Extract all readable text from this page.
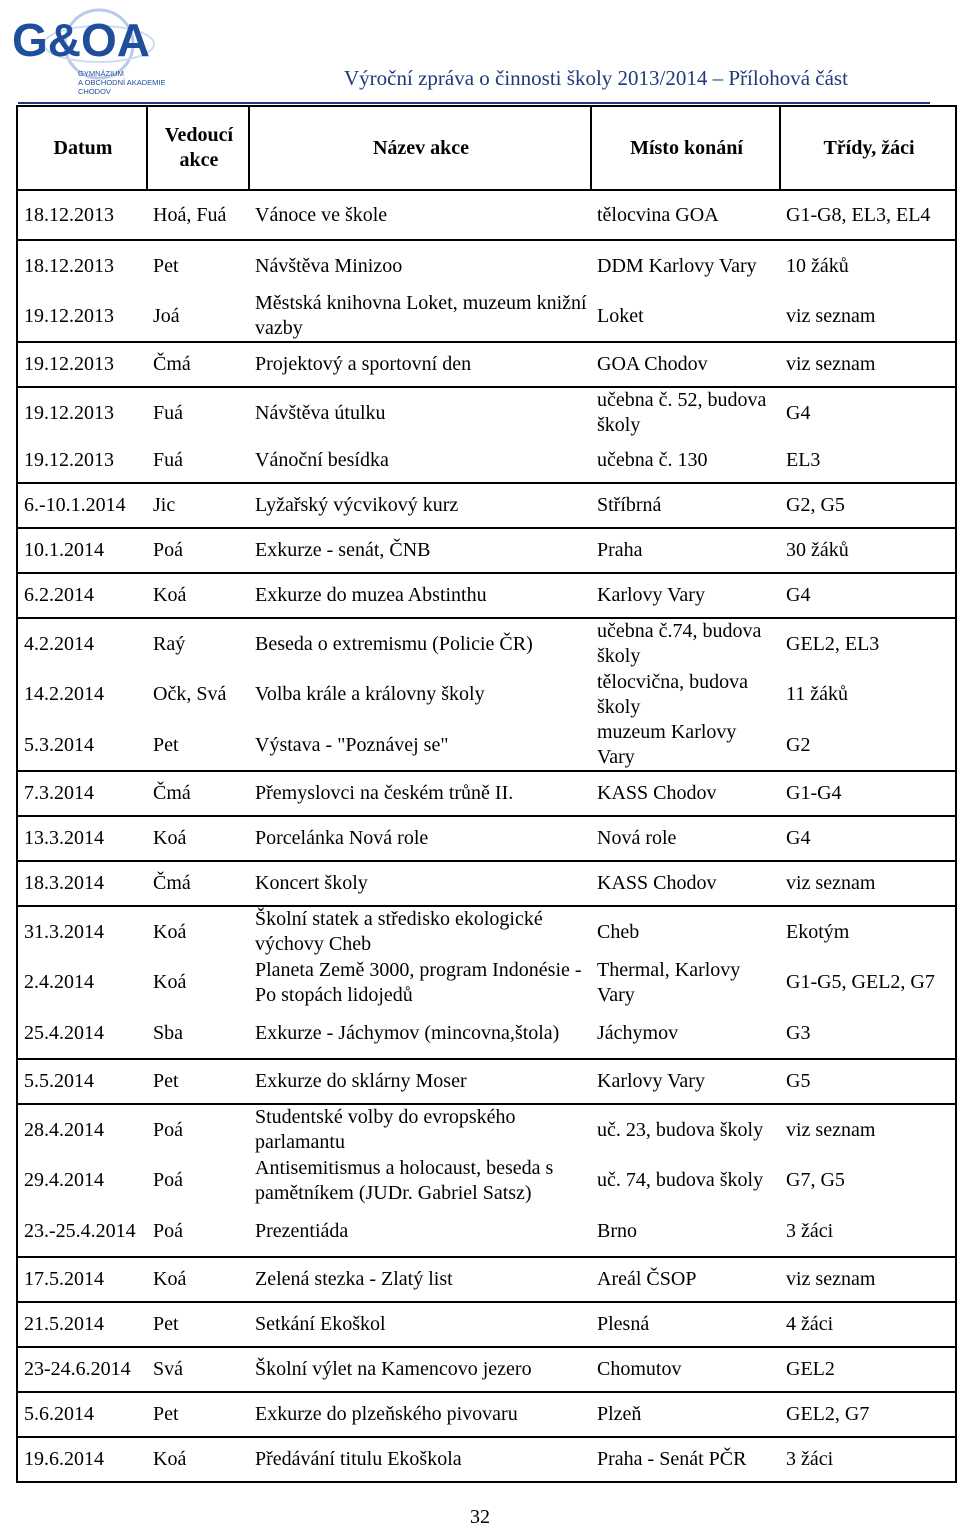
G&OA
GYMNÁZIUM
A OBCHODNÍ AKADEMIE
CHODOV
Výroční zpráva o činnosti školy 2013/2014 – Přílohová část
Datum	Vedoucí akce	Název akce	Místo konání	Třídy, žáci
18.12.2013	Hoá, Fuá	Vánoce ve škole	tělocvina GOA	G1-G8, EL3, EL4
18.12.2013	Pet	Návštěva Minizoo	DDM Karlovy Vary	10 žáků
19.12.2013	Joá	Městská knihovna Loket, muzeum knižní vazby	Loket	viz seznam
19.12.2013	Čmá	Projektový a sportovní den	GOA Chodov	viz seznam
19.12.2013	Fuá	Návštěva útulku	učebna č. 52, budova školy	G4
19.12.2013	Fuá	Vánoční besídka	učebna č. 130	EL3
6.-10.1.2014	Jic	Lyžařský výcvikový kurz	Stříbrná	G2, G5
10.1.2014	Poá	Exkurze - senát, ČNB	Praha	30 žáků
6.2.2014	Koá	Exkurze do muzea Abstinthu	Karlovy Vary	G4
4.2.2014	Raý	Beseda o extremismu (Policie ČR)	učebna č.74, budova školy	GEL2, EL3
14.2.2014	Očk, Svá	Volba krále a královny školy	tělocvična, budova školy	11 žáků
5.3.2014	Pet	Výstava - "Poznávej se"	muzeum Karlovy Vary	G2
7.3.2014	Čmá	Přemyslovci na českém trůně II.	KASS Chodov	G1-G4
13.3.2014	Koá	Porcelánka Nová role	Nová role	G4
18.3.2014	Čmá	Koncert školy	KASS Chodov	viz seznam
31.3.2014	Koá	Školní statek a středisko ekologické výchovy Cheb	Cheb	Ekotým
2.4.2014	Koá	Planeta Země 3000, program Indonésie - Po stopách lidojedů	Thermal, Karlovy Vary	G1-G5, GEL2, G7
25.4.2014	Sba	Exkurze - Jáchymov (mincovna,štola)	Jáchymov	G3
5.5.2014	Pet	Exkurze do sklárny Moser	Karlovy Vary	G5
28.4.2014	Poá	Studentské volby do evropského parlamantu	uč. 23, budova školy	viz seznam
29.4.2014	Poá	Antisemitismus a holocaust, beseda s pamětníkem (JUDr. Gabriel Satsz)	uč. 74, budova školy	G7, G5
23.-25.4.2014	Poá	Prezentiáda	Brno	3 žáci
17.5.2014	Koá	Zelená stezka - Zlatý list	Areál ČSOP	viz seznam
21.5.2014	Pet	Setkání Ekoškol	Plesná	4 žáci
23-24.6.2014	Svá	Školní výlet na Kamencovo jezero	Chomutov	GEL2
5.6.2014	Pet	Exkurze do plzeňského pivovaru	Plzeň	GEL2, G7
19.6.2014	Koá	Předávání titulu Ekoškola	Praha - Senát PČR	3 žáci
32
